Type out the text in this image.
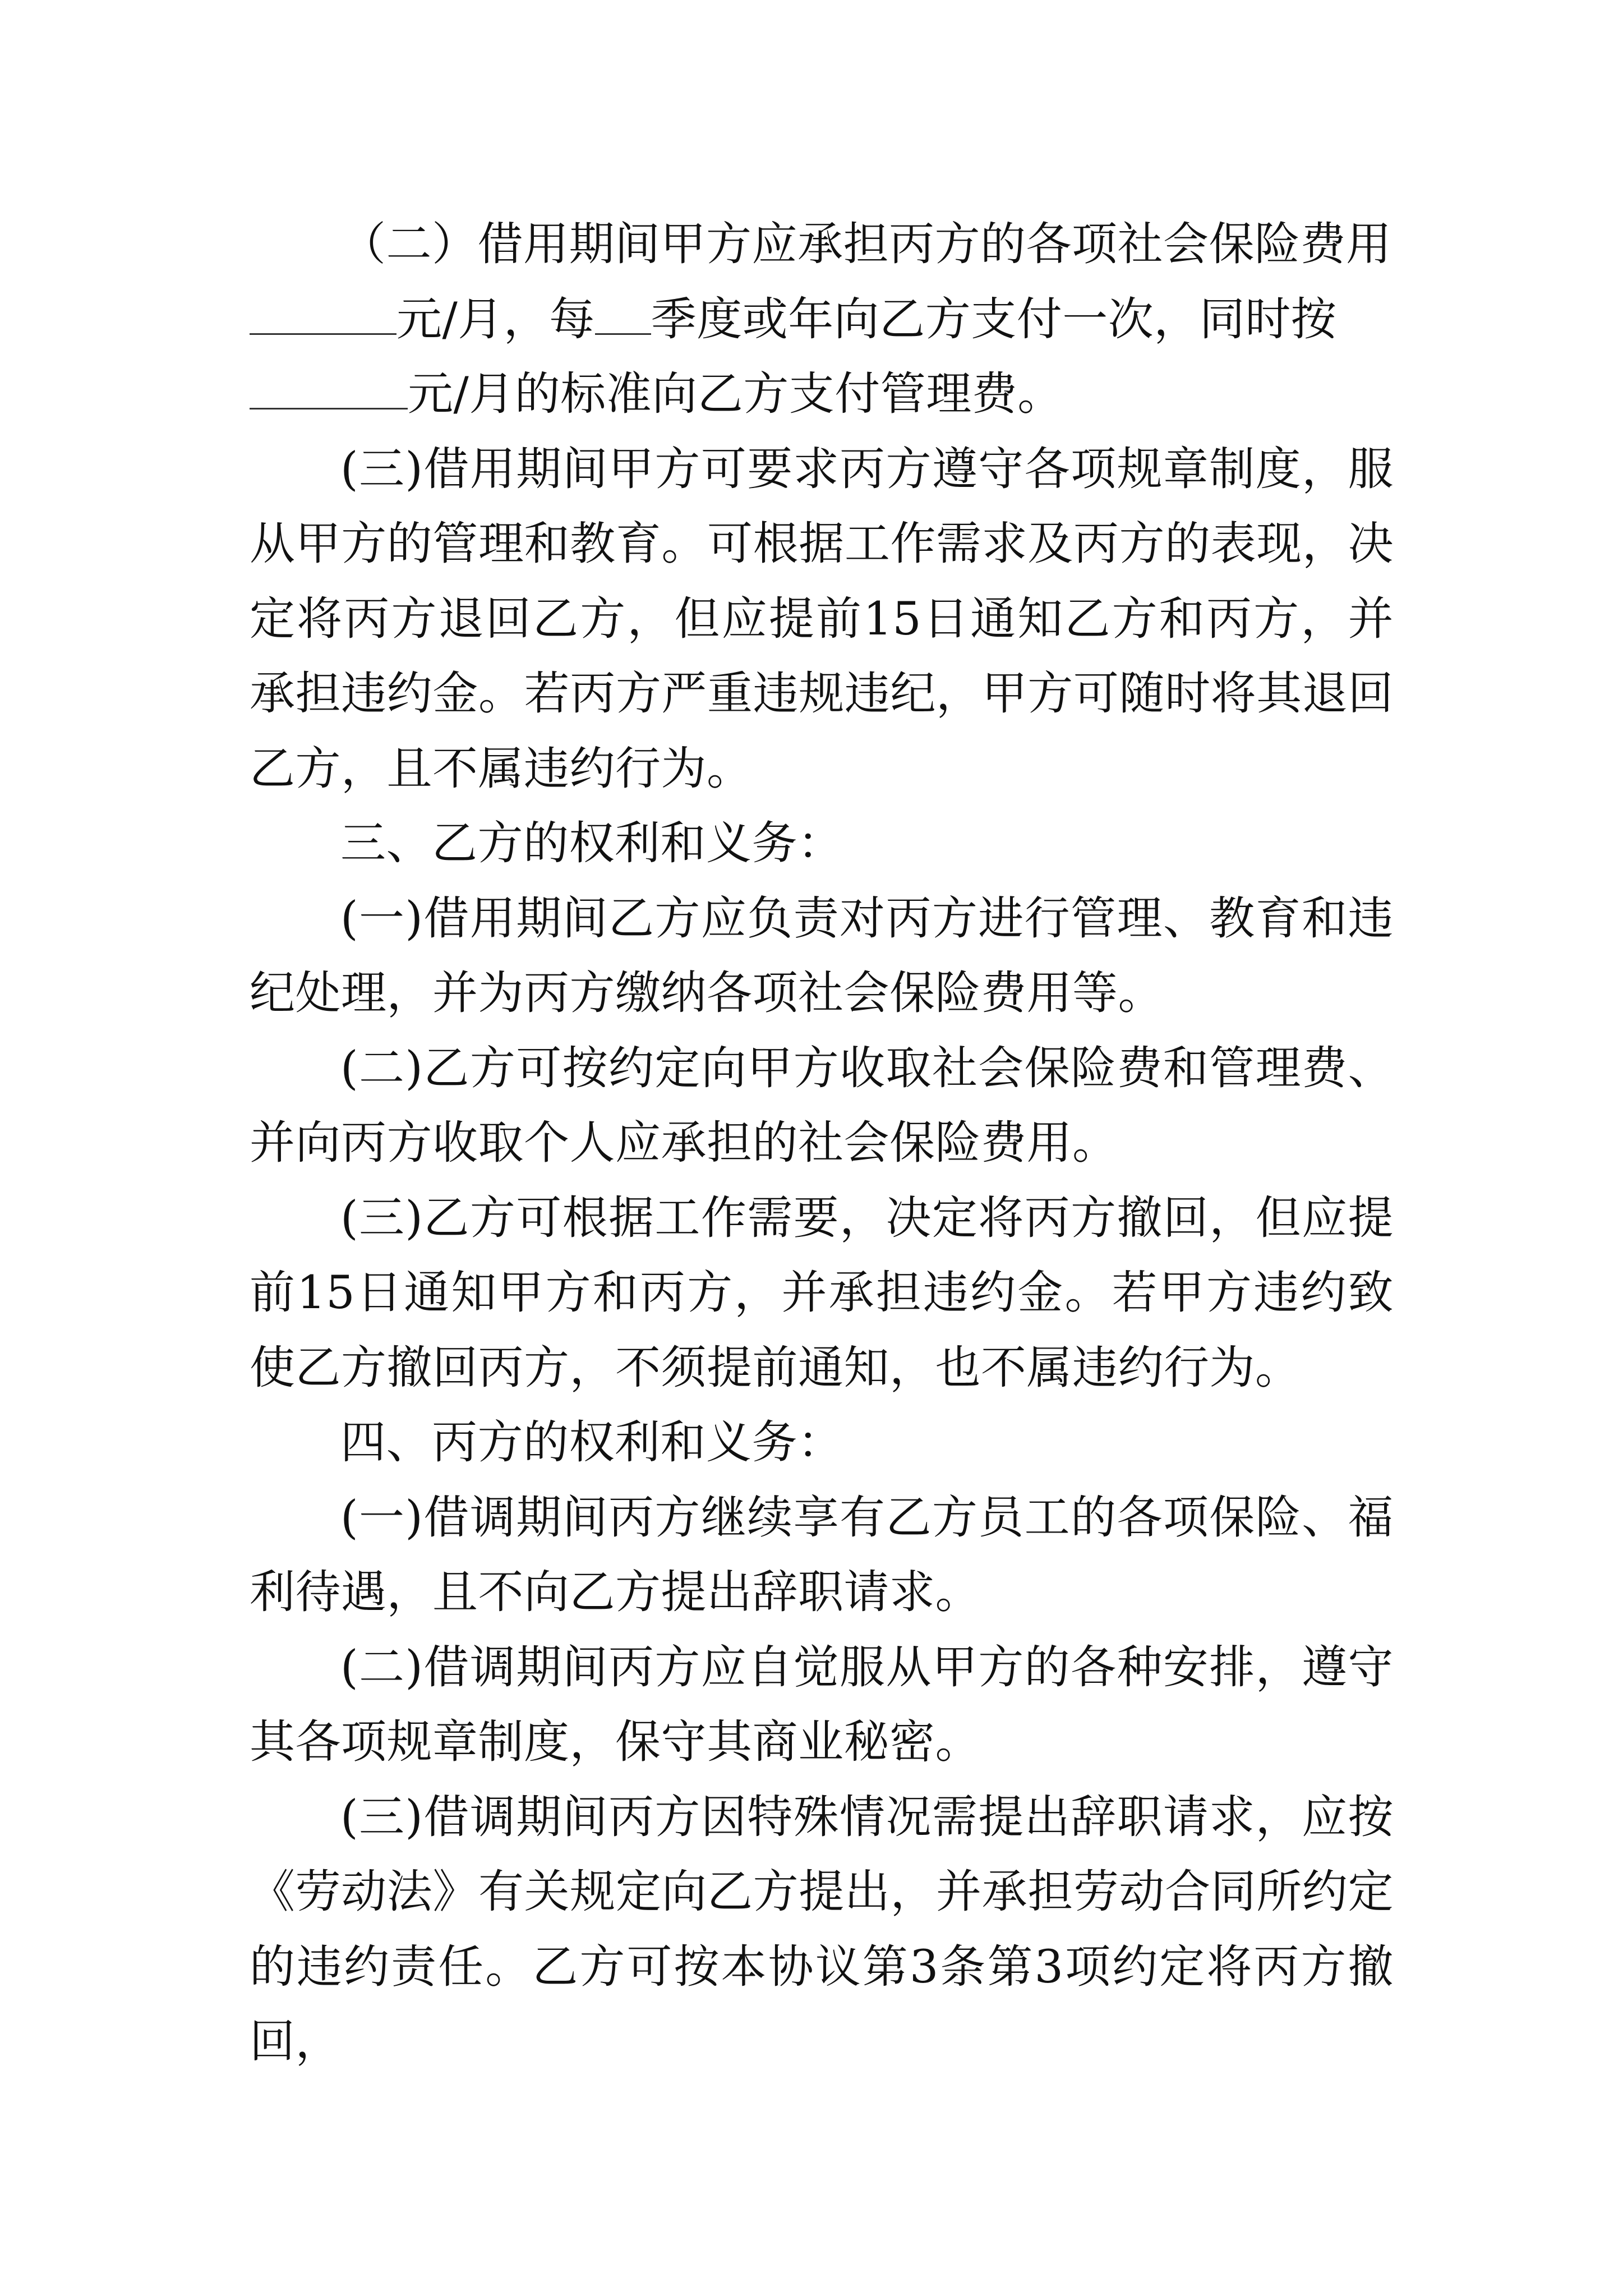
（二）借用期间甲方应承担丙方的各项社会保险费用
元/月，每 季度或年向乙方支付一次，同时按
元/月的标准向乙方支付管理费。

(三)借用期间甲方可要求丙方遵守各项规章制度，服从甲方的管理和教育。可根据工作需求及丙方的表现，决定将丙方退回乙方，但应提前15日通知乙方和丙方，并承担违约金。若丙方严重违规违纪，甲方可随时将其退回乙方，且不属违约行为。

三、乙方的权利和义务：

(一)借用期间乙方应负责对丙方进行管理、教育和违纪处理，并为丙方缴纳各项社会保险费用等。

(二)乙方可按约定向甲方收取社会保险费和管理费、并向丙方收取个人应承担的社会保险费用。

(三)乙方可根据工作需要，决定将丙方撤回，但应提前15日通知甲方和丙方，并承担违约金。若甲方违约致使乙方撤回丙方，不须提前通知，也不属违约行为。

四、丙方的权利和义务：

(一)借调期间丙方继续享有乙方员工的各项保险、福利待遇，且不向乙方提出辞职请求。

(二)借调期间丙方应自觉服从甲方的各种安排，遵守其各项规章制度，保守其商业秘密。

(三)借调期间丙方因特殊情况需提出辞职请求，应按《劳动法》有关规定向乙方提出，并承担劳动合同所约定的违约责任。乙方可按本协议第3条第3项约定将丙方撤回，
